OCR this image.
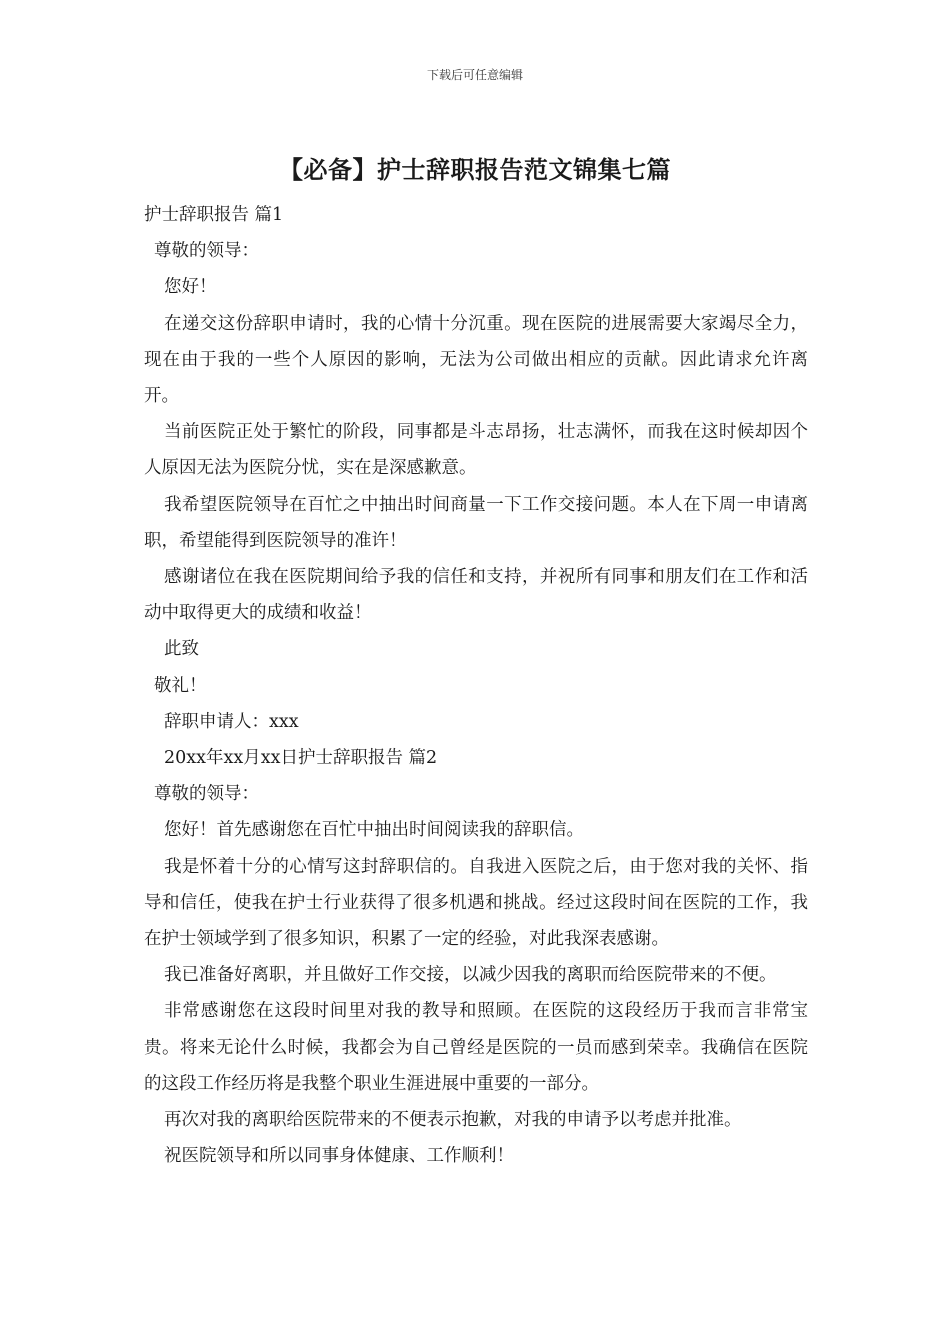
下载后可任意编辑
【必备】护士辞职报告范文锦集七篇

护士辞职报告 篇1

尊敬的领导：

您好！

在递交这份辞职申请时，我的心情十分沉重。现在医院的进展需要大家竭尽全力，现在由于我的一些个人原因的影响，无法为公司做出相应的贡献。因此请求允许离开。

当前医院正处于繁忙的阶段，同事都是斗志昂扬，壮志满怀，而我在这时候却因个人原因无法为医院分忧，实在是深感歉意。

我希望医院领导在百忙之中抽出时间商量一下工作交接问题。本人在下周一申请离职，希望能得到医院领导的准许！

感谢诸位在我在医院期间给予我的信任和支持，并祝所有同事和朋友们在工作和活动中取得更大的成绩和收益！

此致

敬礼！

辞职申请人：xxx

20xx年xx月xx日护士辞职报告 篇2

尊敬的领导：

您好！首先感谢您在百忙中抽出时间阅读我的辞职信。

我是怀着十分的心情写这封辞职信的。自我进入医院之后，由于您对我的关怀、指导和信任，使我在护士行业获得了很多机遇和挑战。经过这段时间在医院的工作，我在护士领域学到了很多知识，积累了一定的经验，对此我深表感谢。

我已准备好离职，并且做好工作交接，以减少因我的离职而给医院带来的不便。

非常感谢您在这段时间里对我的教导和照顾。在医院的这段经历于我而言非常宝贵。将来无论什么时候，我都会为自己曾经是医院的一员而感到荣幸。我确信在医院的这段工作经历将是我整个职业生涯进展中重要的一部分。

再次对我的离职给医院带来的不便表示抱歉，对我的申请予以考虑并批准。

祝医院领导和所以同事身体健康、工作顺利！
